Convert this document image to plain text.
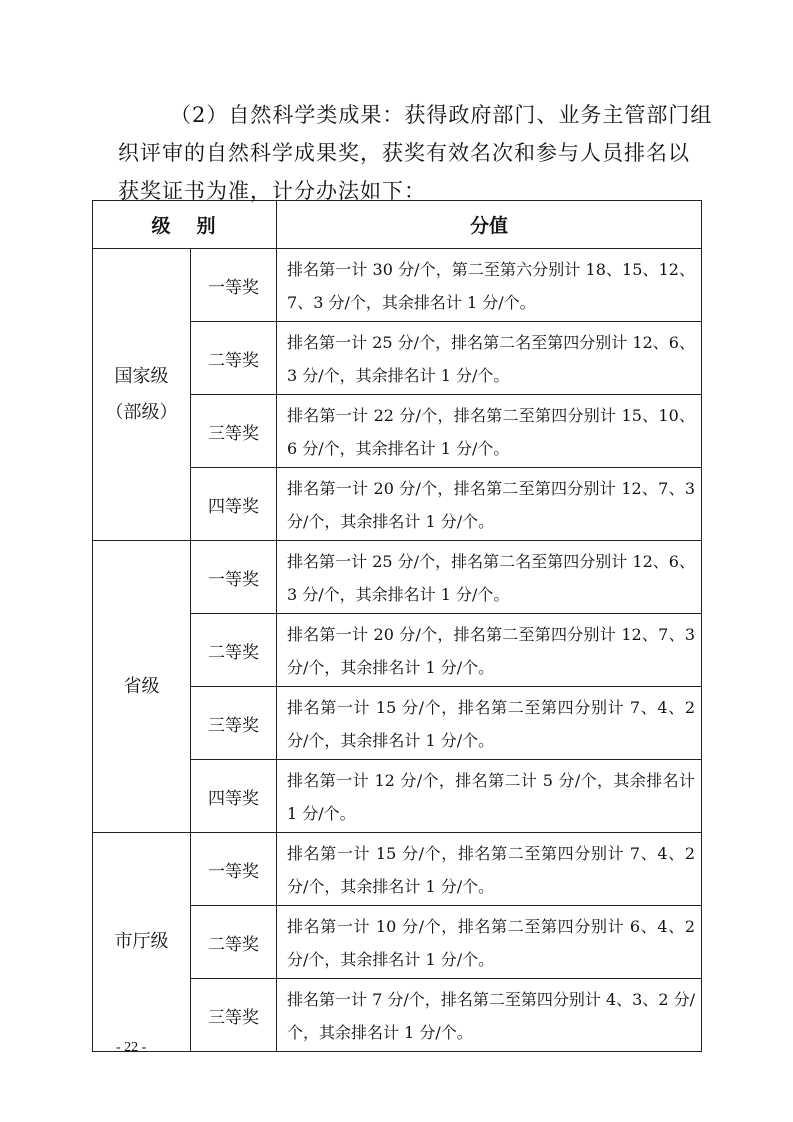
（2）自然科学类成果：获得政府部门、业务主管部门组

织评审的自然科学成果奖，获奖有效名次和参与人员排名以

获奖证书为准，计分办法如下：

级别		分值

国家级
（部级）	一等奖	排名第一计 30 分/个，第二至第六分别计 18、15、12、7、3 分/个，其余排名计 1 分/个。
	二等奖	排名第一计 25 分/个，排名第二名至第四分别计 12、6、3 分/个，其余排名计 1 分/个。
	三等奖	排名第一计 22 分/个，排名第二至第四分别计 15、10、6 分/个，其余排名计 1 分/个。
	四等奖	排名第一计 20 分/个，排名第二至第四分别计 12、7、3 分/个，其余排名计 1 分/个。

省级	一等奖	排名第一计 25 分/个，排名第二名至第四分别计 12、6、3 分/个，其余排名计 1 分/个。
	二等奖	排名第一计 20 分/个，排名第二至第四分别计 12、7、3 分/个，其余排名计 1 分/个。
	三等奖	排名第一计 15 分/个，排名第二至第四分别计 7、4、2 分/个，其余排名计 1 分/个。
	四等奖	排名第一计 12 分/个，排名第二计 5 分/个，其余排名计 1 分/个。

市厅级	一等奖	排名第一计 15 分/个，排名第二至第四分别计 7、4、2 分/个，其余排名计 1 分/个。
	二等奖	排名第一计 10 分/个，排名第二至第四分别计 6、4、2 分/个，其余排名计 1 分/个。
	三等奖	排名第一计 7 分/个，排名第二至第四分别计 4、3、2 分/个，其余排名计 1 分/个。
- 22 -
